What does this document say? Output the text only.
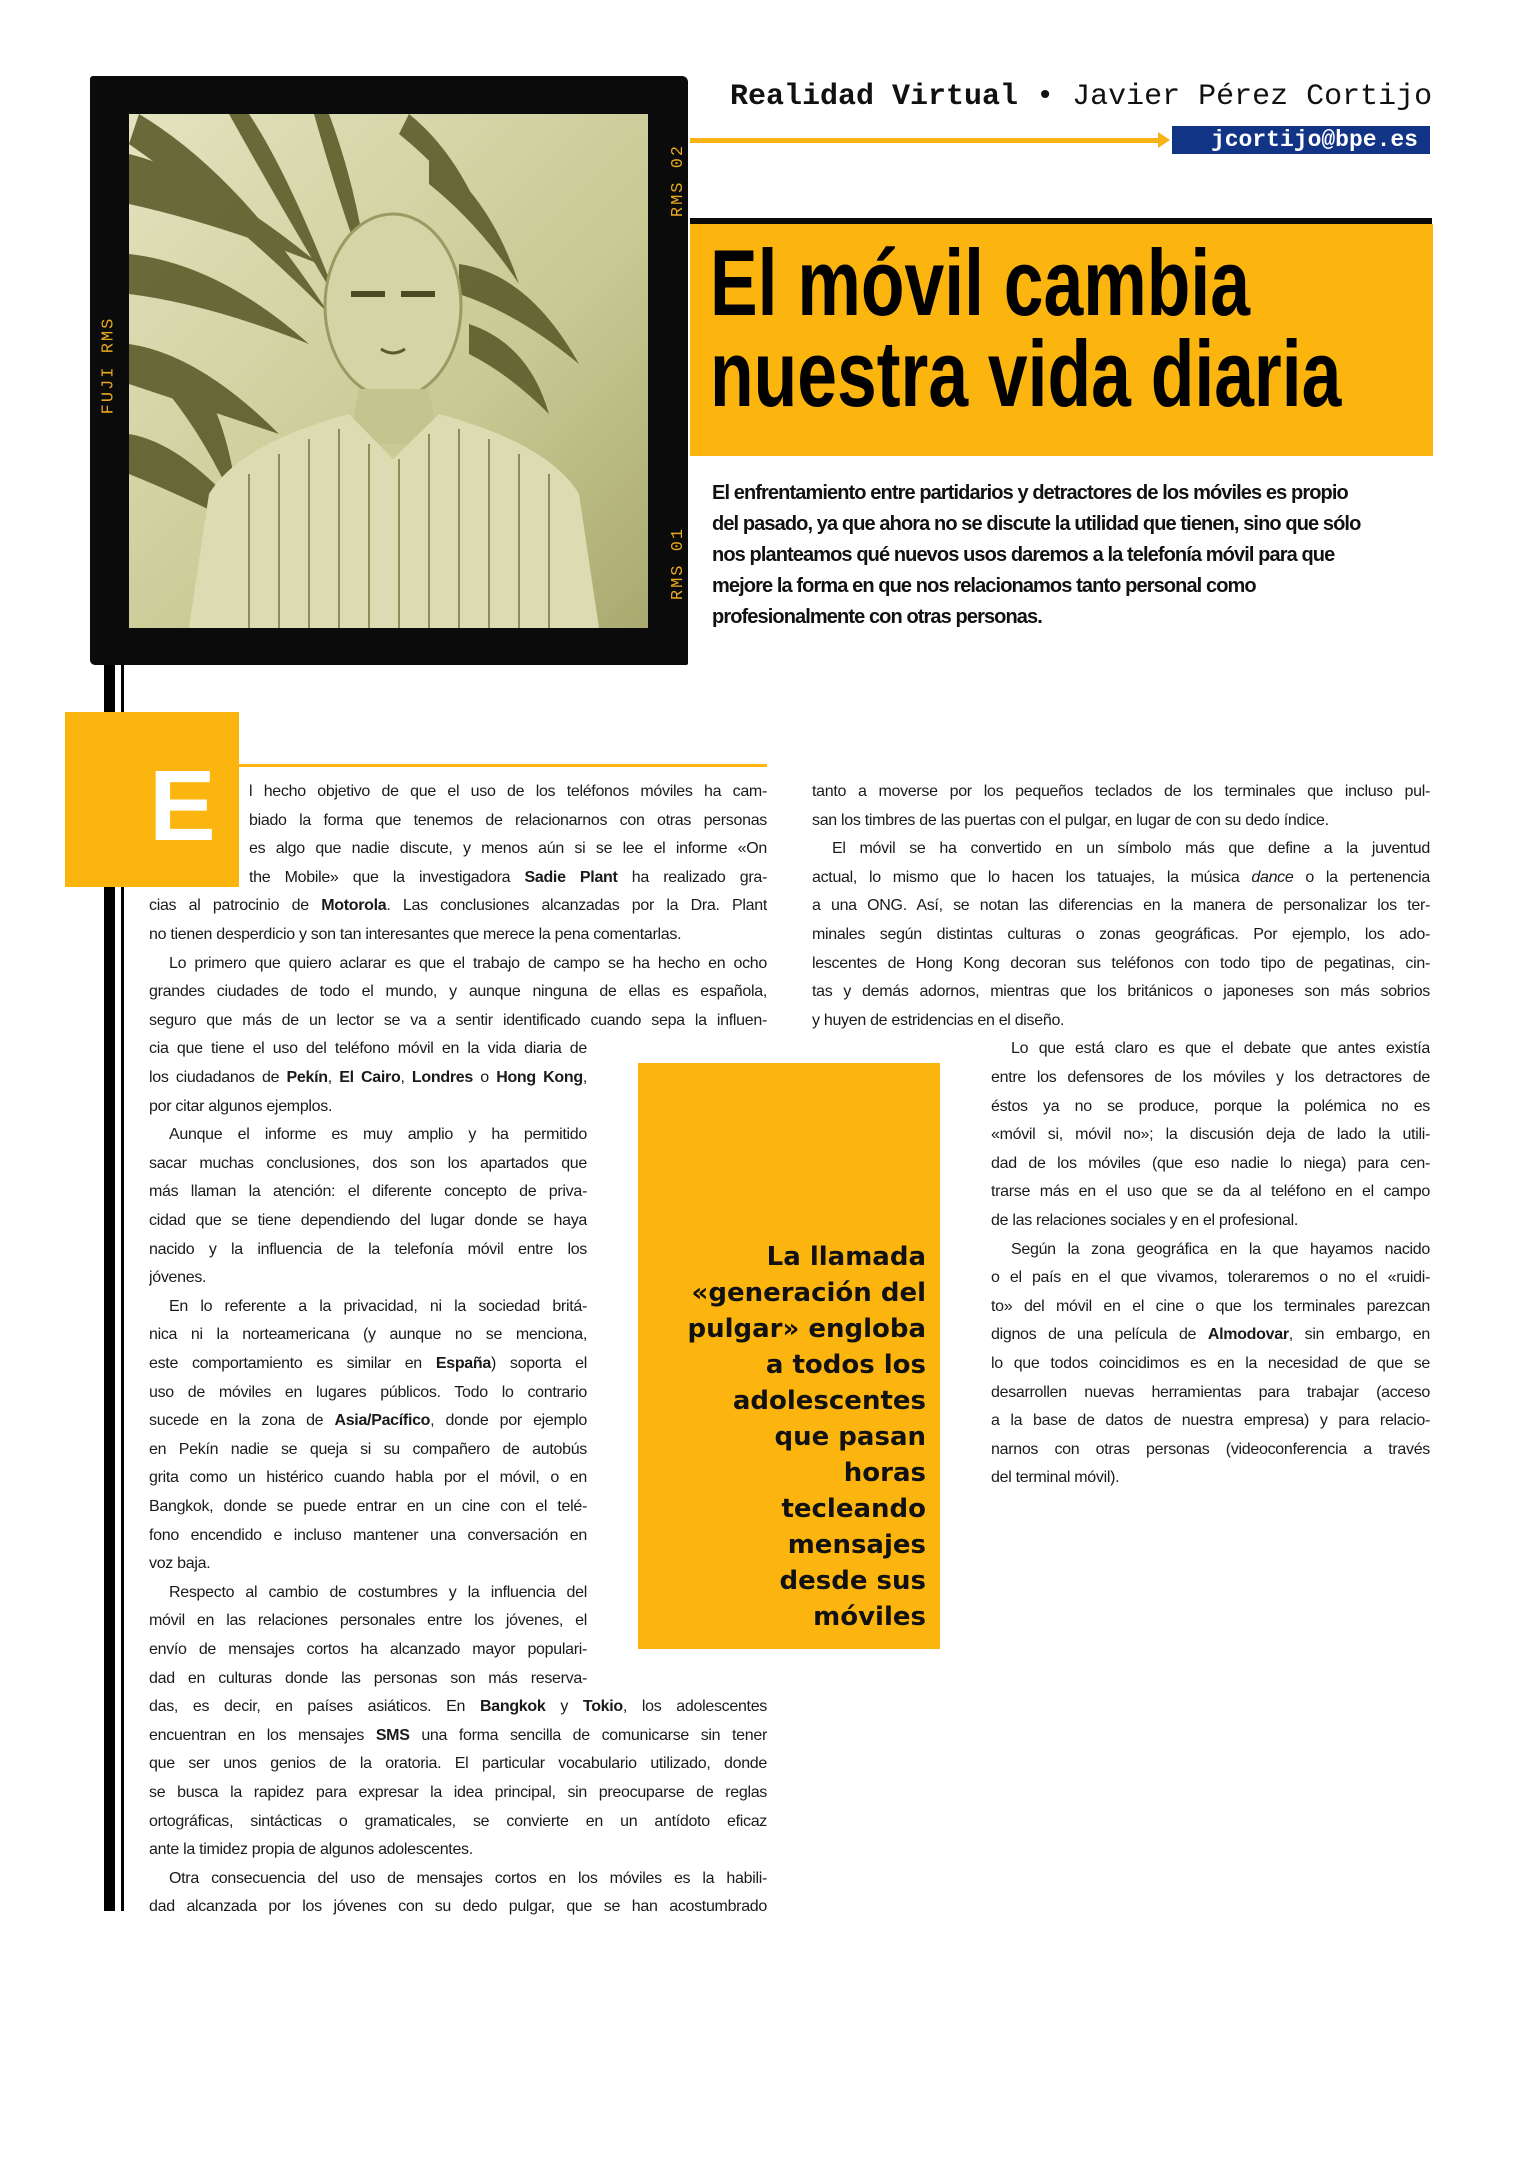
FUJI RMS
RMS 02
RMS 01
Realidad Virtual • Javier Pérez Cortijo
jcortijo@bpe.es
El móvil cambia
nuestra vida diaria
El enfrentamiento entre partidarios y detractores de los móviles es propio
del pasado, ya que ahora no se discute la utilidad que tienen, sino que sólo
nos planteamos qué nuevos usos daremos a la telefonía móvil para que
mejore la forma en que nos relacionamos tanto personal como
profesionalmente con otras personas.
E l hecho objetivo de que el uso de los teléfonos móviles ha cam-
biado la forma que tenemos de relacionarnos con otras personas
es algo que nadie discute, y menos aún si se lee el informe «On
the Mobile» que la investigadora Sadie Plant ha realizado gra-
cias al patrocinio de Motorola. Las conclusiones alcanzadas por la Dra. Plant
no tienen desperdicio y son tan interesantes que merece la pena comentarlas.
Lo primero que quiero aclarar es que el trabajo de campo se ha hecho en ocho
grandes ciudades de todo el mundo, y aunque ninguna de ellas es española,
seguro que más de un lector se va a sentir identificado cuando sepa la influen-
cia que tiene el uso del teléfono móvil en la vida diaria de
los ciudadanos de Pekín, El Cairo, Londres o Hong Kong,
por citar algunos ejemplos.
Aunque el informe es muy amplio y ha permitido
sacar muchas conclusiones, dos son los apartados que
más llaman la atención: el diferente concepto de priva-
cidad que se tiene dependiendo del lugar donde se haya
nacido y la influencia de la telefonía móvil entre los
jóvenes.
En lo referente a la privacidad, ni la sociedad britá-
nica ni la norteamericana (y aunque no se menciona,
este comportamiento es similar en España) soporta el
uso de móviles en lugares públicos. Todo lo contrario
sucede en la zona de Asia/Pacífico, donde por ejemplo
en Pekín nadie se queja si su compañero de autobús
grita como un histérico cuando habla por el móvil, o en
Bangkok, donde se puede entrar en un cine con el telé-
fono encendido e incluso mantener una conversación en
voz baja.
Respecto al cambio de costumbres y la influencia del
móvil en las relaciones personales entre los jóvenes, el
envío de mensajes cortos ha alcanzado mayor populari-
dad en culturas donde las personas son más reserva-
das, es decir, en países asiáticos. En Bangkok y Tokio, los adolescentes
encuentran en los mensajes SMS una forma sencilla de comunicarse sin tener
que ser unos genios de la oratoria. El particular vocabulario utilizado, donde
se busca la rapidez para expresar la idea principal, sin preocuparse de reglas
ortográficas, sintácticas o gramaticales, se convierte en un antídoto eficaz
ante la timidez propia de algunos adolescentes.
Otra consecuencia del uso de mensajes cortos en los móviles es la habili-
dad alcanzada por los jóvenes con su dedo pulgar, que se han acostumbrado
tanto a moverse por los pequeños teclados de los terminales que incluso pul-
san los timbres de las puertas con el pulgar, en lugar de con su dedo índice.
El móvil se ha convertido en un símbolo más que define a la juventud
actual, lo mismo que lo hacen los tatuajes, la música dance o la pertenencia
a una ONG. Así, se notan las diferencias en la manera de personalizar los ter-
minales según distintas culturas o zonas geográficas. Por ejemplo, los ado-
lescentes de Hong Kong decoran sus teléfonos con todo tipo de pegatinas, cin-
tas y demás adornos, mientras que los británicos o japoneses son más sobrios
y huyen de estridencias en el diseño.
Lo que está claro es que el debate que antes existía
entre los defensores de los móviles y los detractores de
éstos ya no se produce, porque la polémica no es
«móvil si, móvil no»; la discusión deja de lado la utili-
dad de los móviles (que eso nadie lo niega) para cen-
trarse más en el uso que se da al teléfono en el campo
de las relaciones sociales y en el profesional.
Según la zona geográfica en la que hayamos nacido
o el país en el que vivamos, toleraremos o no el «ruidi-
to» del móvil en el cine o que los terminales parezcan
dignos de una película de Almodovar, sin embargo, en
lo que todos coincidimos es en la necesidad de que se
desarrollen nuevas herramientas para trabajar (acceso
a la base de datos de nuestra empresa) y para relacio-
narnos con otras personas (videoconferencia a través
del terminal móvil).
La llamada
«generación del
pulgar» engloba
a todos los
adolescentes
que pasan
horas
tecleando
mensajes
desde sus
móviles
